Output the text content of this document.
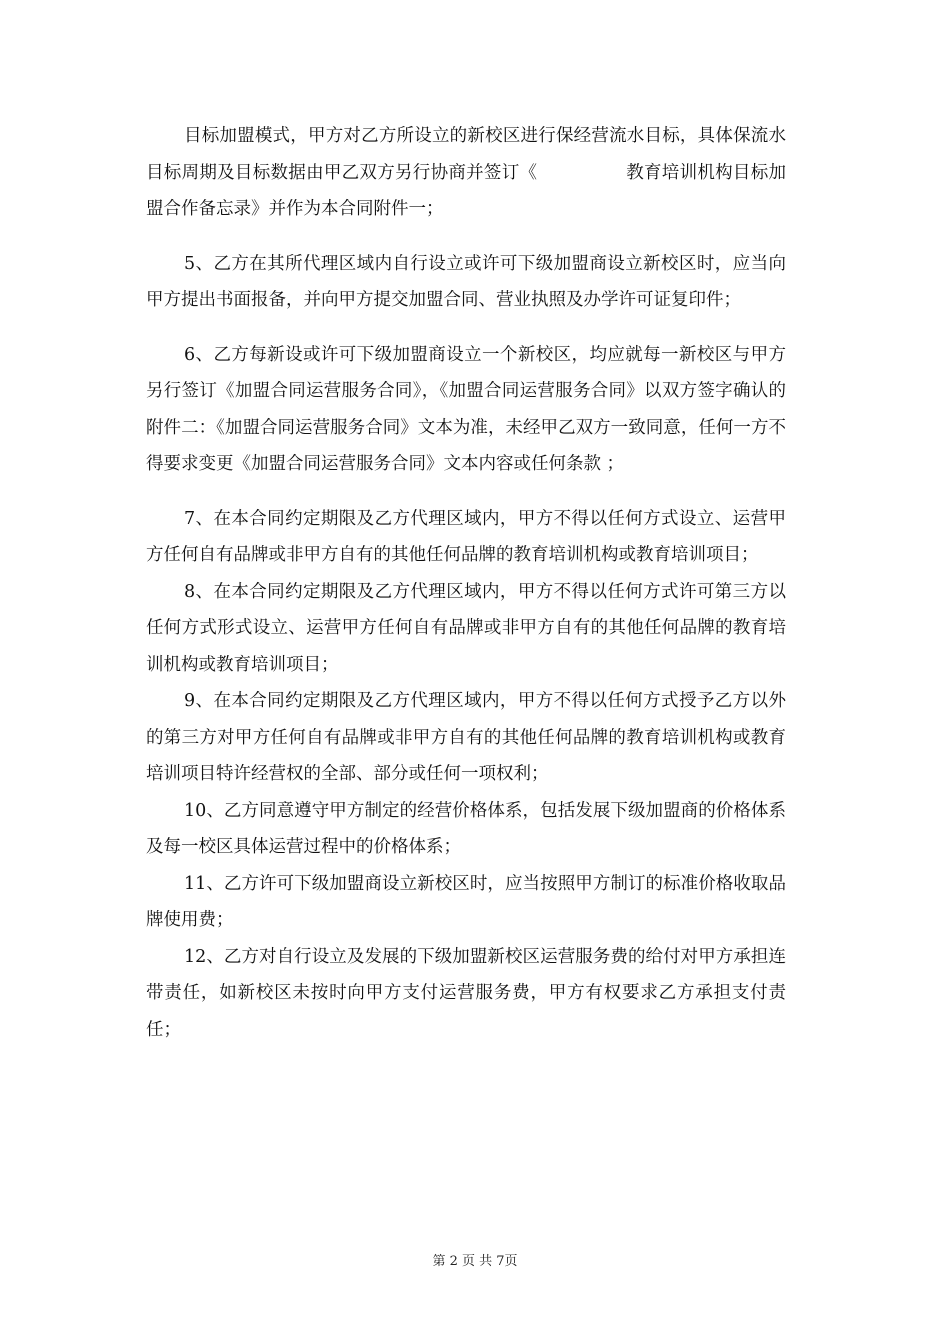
目标加盟模式，甲方对乙方所设立的新校区进行保经营流水目标，具体保流水目标周期及目标数据由甲乙双方另行协商并签订《　　　　　教育培训机构目标加盟合作备忘录》并作为本合同附件一；

5、乙方在其所代理区域内自行设立或许可下级加盟商设立新校区时，应当向甲方提出书面报备，并向甲方提交加盟合同、营业执照及办学许可证复印件；

6、乙方每新设或许可下级加盟商设立一个新校区，均应就每一新校区与甲方另行签订《加盟合同运营服务合同》，《加盟合同运营服务合同》以双方签字确认的附件二：《加盟合同运营服务合同》文本为准，未经甲乙双方一致同意，任何一方不得要求变更《加盟合同运营服务合同》文本内容或任何条款 ；

7、在本合同约定期限及乙方代理区域内，甲方不得以任何方式设立、运营甲方任何自有品牌或非甲方自有的其他任何品牌的教育培训机构或教育培训项目；

8、在本合同约定期限及乙方代理区域内，甲方不得以任何方式许可第三方以任何方式形式设立、运营甲方任何自有品牌或非甲方自有的其他任何品牌的教育培训机构或教育培训项目；

9、在本合同约定期限及乙方代理区域内，甲方不得以任何方式授予乙方以外的第三方对甲方任何自有品牌或非甲方自有的其他任何品牌的教育培训机构或教育培训项目特许经营权的全部、部分或任何一项权利；

10、乙方同意遵守甲方制定的经营价格体系，包括发展下级加盟商的价格体系及每一校区具体运营过程中的价格体系；

11、乙方许可下级加盟商设立新校区时，应当按照甲方制订的标准价格收取品牌使用费；

12、乙方对自行设立及发展的下级加盟新校区运营服务费的给付对甲方承担连带责任，如新校区未按时向甲方支付运营服务费，甲方有权要求乙方承担支付责任；

第 2 页 共 7页
